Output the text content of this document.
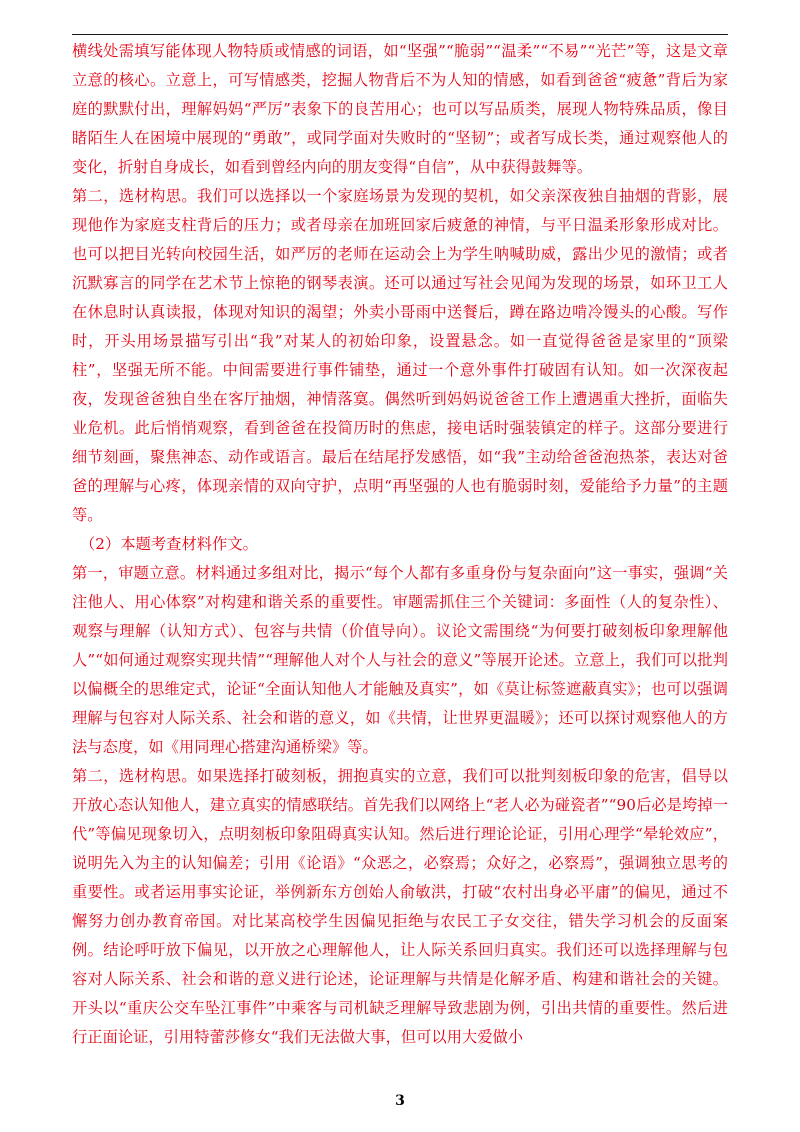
横线处需填写能体现人物特质或情感的词语，如“坚强”“脆弱”“温柔”“不易”“光芒”等，这是文章立意的核心。立意上，可写情感类，挖掘人物背后不为人知的情感，如看到爸爸“疲惫”背后为家庭的默默付出，理解妈妈“严厉”表象下的良苦用心；也可以写品质类，展现人物特殊品质，像目睹陌生人在困境中展现的“勇敢”，或同学面对失败时的“坚韧”；或者写成长类，通过观察他人的变化，折射自身成长，如看到曾经内向的朋友变得“自信”，从中获得鼓舞等。

第二，选材构思。我们可以选择以一个家庭场景为发现的契机，如父亲深夜独自抽烟的背影，展现他作为家庭支柱背后的压力；或者母亲在加班回家后疲惫的神情，与平日温柔形象形成对比。也可以把目光转向校园生活，如严厉的老师在运动会上为学生呐喊助威，露出少见的激情；或者沉默寡言的同学在艺术节上惊艳的钢琴表演。还可以通过写社会见闻为发现的场景，如环卫工人在休息时认真读报，体现对知识的渴望；外卖小哥雨中送餐后，蹲在路边啃冷馒头的心酸。写作时，开头用场景描写引出“我”对某人的初始印象，设置悬念。如一直觉得爸爸是家里的“顶梁柱”，坚强无所不能。中间需要进行事件铺垫，通过一个意外事件打破固有认知。如一次深夜起夜，发现爸爸独自坐在客厅抽烟，神情落寞。偶然听到妈妈说爸爸工作上遭遇重大挫折，面临失业危机。此后悄悄观察，看到爸爸在投简历时的焦虑，接电话时强装镇定的样子。这部分要进行细节刻画，聚焦神态、动作或语言。最后在结尾抒发感悟，如“我”主动给爸爸泡热茶，表达对爸爸的理解与心疼，体现亲情的双向守护，点明“再坚强的人也有脆弱时刻，爱能给予力量”的主题等。

（2）本题考查材料作文。

第一，审题立意。材料通过多组对比，揭示“每个人都有多重身份与复杂面向”这一事实，强调“关注他人、用心体察”对构建和谐关系的重要性。审题需抓住三个关键词：多面性（人的复杂性）、观察与理解（认知方式）、包容与共情（价值导向）。议论文需围绕“为何要打破刻板印象理解他人”“如何通过观察实现共情”“理解他人对个人与社会的意义”等展开论述。立意上，我们可以批判以偏概全的思维定式，论证“全面认知他人才能触及真实”，如《莫让标签遮蔽真实》；也可以强调理解与包容对人际关系、社会和谐的意义，如《共情，让世界更温暖》；还可以探讨观察他人的方法与态度，如《用同理心搭建沟通桥梁》等。

第二，选材构思。如果选择打破刻板，拥抱真实的立意，我们可以批判刻板印象的危害，倡导以开放心态认知他人，建立真实的情感联结。首先我们以网络上“老人必为碰瓷者”“90后必是垮掉一代”等偏见现象切入，点明刻板印象阻碍真实认知。然后进行理论论证，引用心理学“晕轮效应”，说明先入为主的认知偏差；引用《论语》“众恶之，必察焉；众好之，必察焉”，强调独立思考的重要性。或者运用事实论证，举例新东方创始人俞敏洪，打破“农村出身必平庸”的偏见，通过不懈努力创办教育帝国。对比某高校学生因偏见拒绝与农民工子女交往，错失学习机会的反面案例。结论呼吁放下偏见，以开放之心理解他人，让人际关系回归真实。我们还可以选择理解与包容对人际关系、社会和谐的意义进行论述，论证理解与共情是化解矛盾、构建和谐社会的关键。开头以“重庆公交车坠江事件”中乘客与司机缺乏理解导致悲剧为例，引出共情的重要性。然后进行正面论证，引用特蕾莎修女“我们无法做大事，但可以用大爱做小

3
